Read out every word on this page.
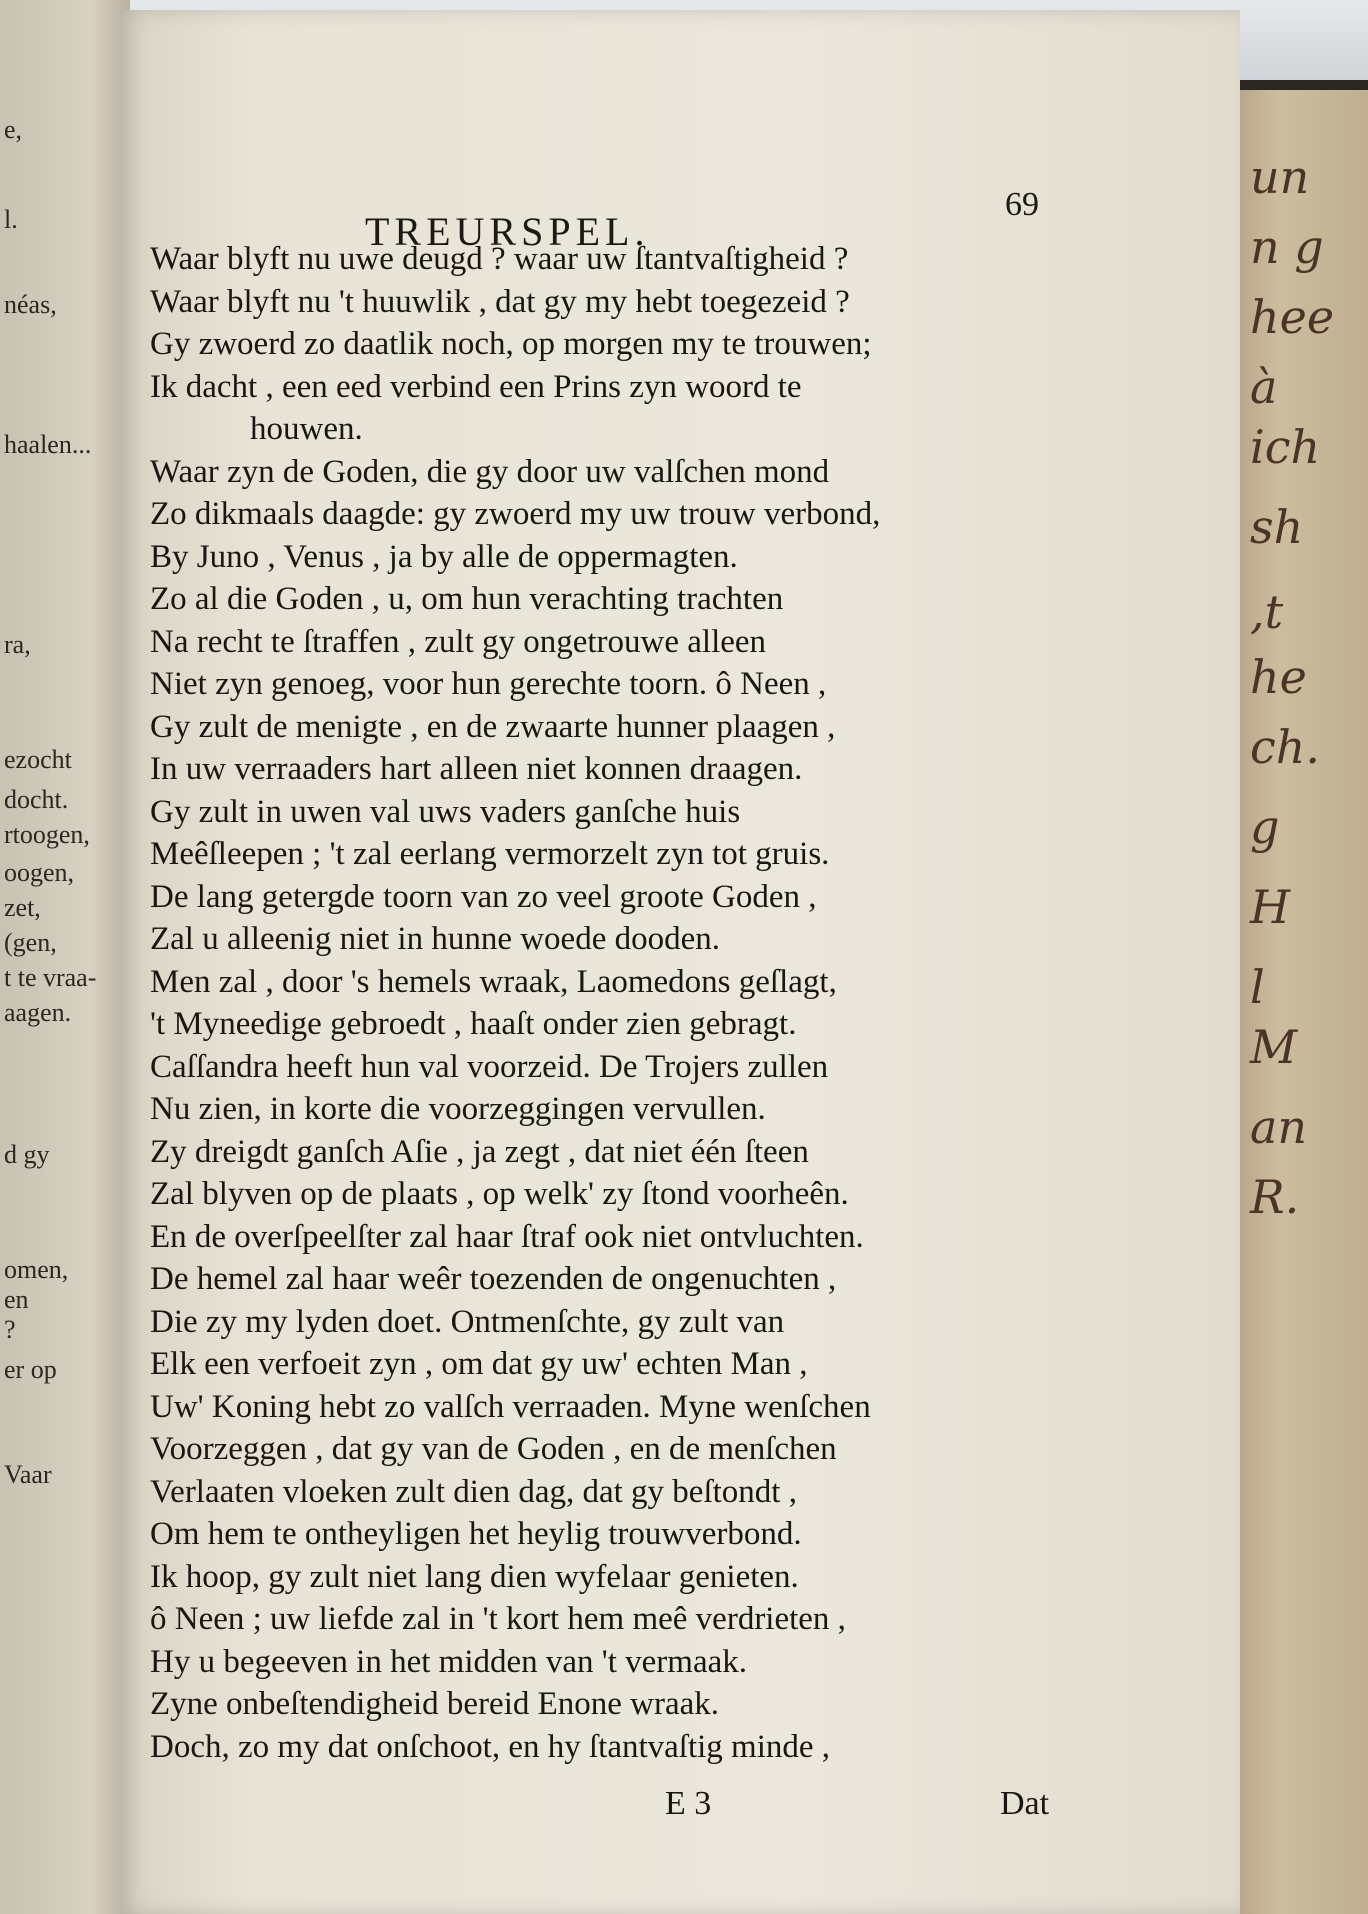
e,
l.
néas,
haalen...
ra,
ezocht
docht.
rtoogen,
oogen,
zet,
(gen,
t te vraa-
aagen.
d gy
omen,
en
?
er op
Vaar
un
n g
hee
à
ich
sh
,t
he
ch.
g
H
l
M
an
R.
TREURSPEL.
69
Waar blyft nu uwe deugd ? waar uw ſtantvaſtigheid ?
Waar blyft nu 't huuwlik , dat gy my hebt toegezeid ?
Gy zwoerd zo daatlik noch, op morgen my te trouwen;
Ik dacht , een eed verbind een Prins zyn woord te
houwen.
Waar zyn de Goden, die gy door uw valſchen mond
Zo dikmaals daagde: gy zwoerd my uw trouw verbond,
By Juno , Venus , ja by alle de oppermagten.
Zo al die Goden , u, om hun verachting trachten
Na recht te ſtraffen , zult gy ongetrouwe alleen
Niet zyn genoeg, voor hun gerechte toorn. ô Neen ,
Gy zult de menigte , en de zwaarte hunner plaagen ,
In uw verraaders hart alleen niet konnen draagen.
Gy zult in uwen val uws vaders ganſche huis
Meêſleepen ; 't zal eerlang vermorzelt zyn tot gruis.
De lang getergde toorn van zo veel groote Goden ,
Zal u alleenig niet in hunne woede dooden.
Men zal , door 's hemels wraak, Laomedons geſlagt,
't Myneedige gebroedt , haaſt onder zien gebragt.
Caſſandra heeft hun val voorzeid. De Trojers zullen
Nu zien, in korte die voorzeggingen vervullen.
Zy dreigdt ganſch Aſie , ja zegt , dat niet één ſteen
Zal blyven op de plaats , op welk' zy ſtond voorheên.
En de overſpeelſter zal haar ſtraf ook niet ontvluchten.
De hemel zal haar weêr toezenden de ongenuchten ,
Die zy my lyden doet. Ontmenſchte, gy zult van
Elk een verfoeit zyn , om dat gy uw' echten Man ,
Uw' Koning hebt zo valſch verraaden. Myne wenſchen
Voorzeggen , dat gy van de Goden , en de menſchen
Verlaaten vloeken zult dien dag, dat gy beſtondt ,
Om hem te ontheyligen het heylig trouwverbond.
Ik hoop, gy zult niet lang dien wyfelaar genieten.
ô Neen ; uw liefde zal in 't kort hem meê verdrieten ,
Hy u begeeven in het midden van 't vermaak.
Zyne onbeſtendigheid bereid Enone wraak.
Doch, zo my dat onſchoot, en hy ſtantvaſtig minde ,
E 3	Dat
